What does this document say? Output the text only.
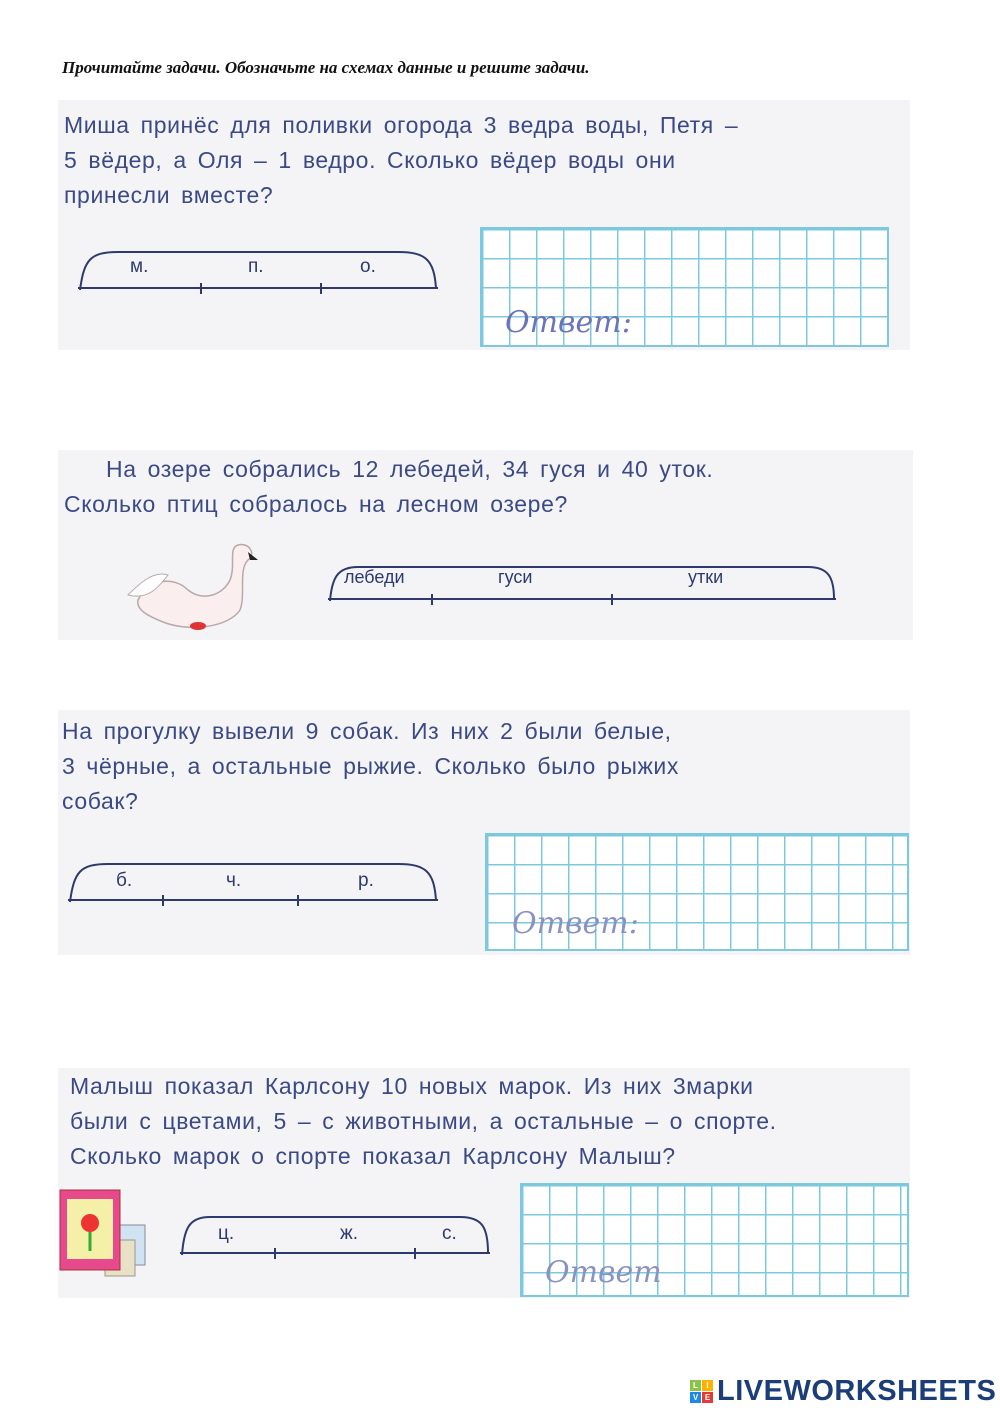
Прочитайте задачи. Обозначьте на схемах данные и решите задачи.
Миша принёс для поливки огорода 3 ведра воды, Петя –
5 вёдер, а Оля – 1 ведро. Сколько вёдер воды они
принесли вместе?
м.	п.	о.
Ответ:
На озере собрались 12 лебедей, 34 гуся и 40 уток.
Сколько птиц собралось на лесном озере?
лебеди	гуси	утки
На прогулку вывели 9 собак. Из них 2 были белые,
3 чёрные, а остальные рыжие. Сколько было рыжих
собак?
б.	ч.	р.
Ответ:
Малыш показал Карлсону 10 новых марок. Из них 3марки
были с цветами, 5 – с животными, а остальные – о спорте.
Сколько марок о спорте показал Карлсону Малыш?
ц.	ж.	с.
Ответ
L	I
V E LIVEWORKSHEETS
